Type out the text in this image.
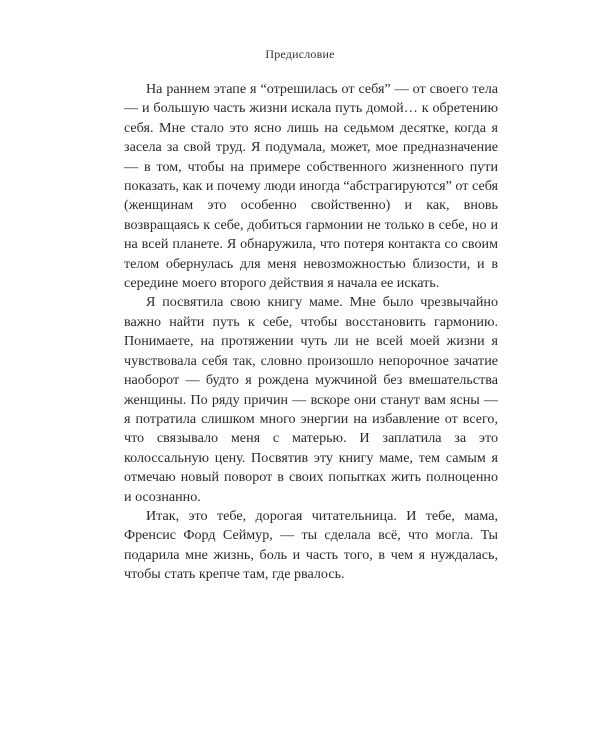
Предисловие

На раннем этапе я “отрешилась от себя” — от своего тела — и большую часть жизни искала путь домой… к обретению себя. Мне стало это ясно лишь на седьмом десятке, когда я засела за свой труд. Я подумала, может, мое предназначение — в том, чтобы на примере собственного жизненного пути показать, как и почему люди иногда “абстрагируются” от себя (женщинам это особенно свойственно) и как, вновь возвращаясь к себе, добиться гармонии не только в себе, но и на всей планете. Я обнаружила, что потеря контакта со своим телом обернулась для меня невозможностью близости, и в середине моего второго действия я начала ее искать.

Я посвятила свою книгу маме. Мне было чрезвычайно важно найти путь к себе, чтобы восстановить гармонию. Понимаете, на протяжении чуть ли не всей моей жизни я чувствовала себя так, словно произошло непорочное зачатие наоборот — будто я рождена мужчиной без вмешательства женщины. По ряду причин — вскоре они станут вам ясны — я потратила слишком много энергии на избавление от всего, что связывало меня с матерью. И заплатила за это колоссальную цену. Посвятив эту книгу маме, тем самым я отмечаю новый поворот в своих попытках жить полноценно и осознанно.

Итак, это тебе, дорогая читательница. И тебе, мама, Френсис Форд Сеймур, — ты сделала всё, что могла. Ты подарила мне жизнь, боль и часть того, в чем я нуждалась, чтобы стать крепче там, где рвалось.
